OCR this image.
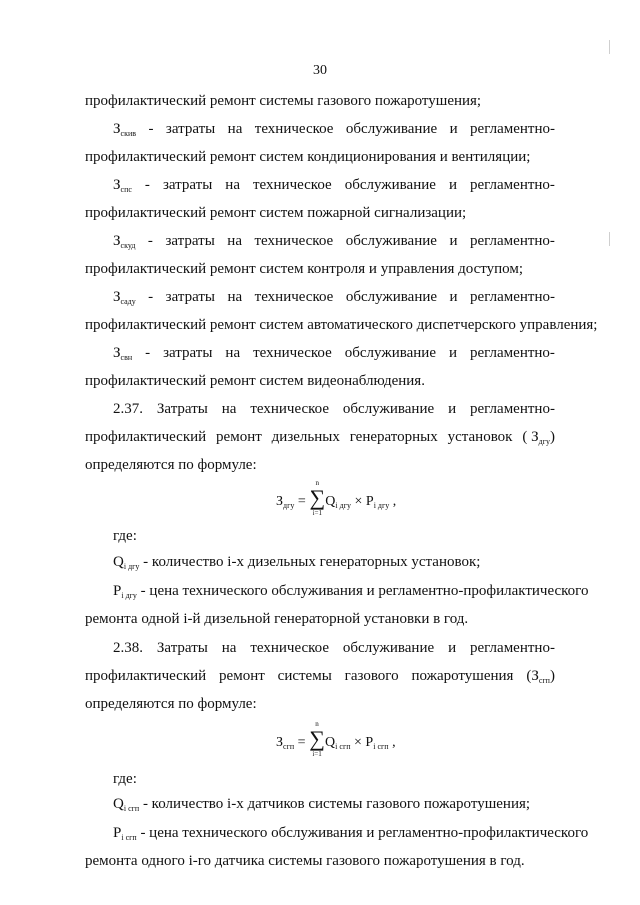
30
профилактический ремонт системы газового пожаротушения;
$З_{скив}$ - затраты на техническое обслуживание и регламентно-
профилактический ремонт систем кондиционирования и вентиляции;
$З_{спс}$ - затраты на техническое обслуживание и регламентно-
профилактический ремонт систем пожарной сигнализации;
$З_{скуд}$ - затраты на техническое обслуживание и регламентно-
профилактический ремонт систем контроля и управления доступом;
$З_{сaду}$ - затраты на техническое обслуживание и регламентно-
профилактический ремонт систем автоматического диспетчерского управления;
$З_{свн}$ - затраты на техническое обслуживание и регламентно-
профилактический ремонт систем видеонаблюдения.
2.37. Затраты на техническое обслуживание и регламентно-
профилактический ремонт дизельных генераторных установок ( $З_{дгу}$)
определяются по формуле:
$З_{дгу}$ =
n
∑
i=1
$Q_{i дгу} \times P_{i дгу}$ ,
где:
$Q_{i дгу}$ - количество i-х дизельных генераторных установок;
$P_{i дгу}$ - цена технического обслуживания и регламентно-профилактического
ремонта одной i-й дизельной генераторной установки в год.
2.38. Затраты на техническое обслуживание и регламентно-
профилактический ремонт системы газового пожаротушения $(З_{сгп})$
определяются по формуле:
$З_{сгп}$ =
n
∑
i=1
$Q_{i сгп} \times P_{i сгп}$ ,
где:
$Q_{i сгп}$ - количество i-х датчиков системы газового пожаротушения;
$P_{i сгп}$ - цена технического обслуживания и регламентно-профилактического
ремонта одного i-го датчика системы газового пожаротушения в год.
